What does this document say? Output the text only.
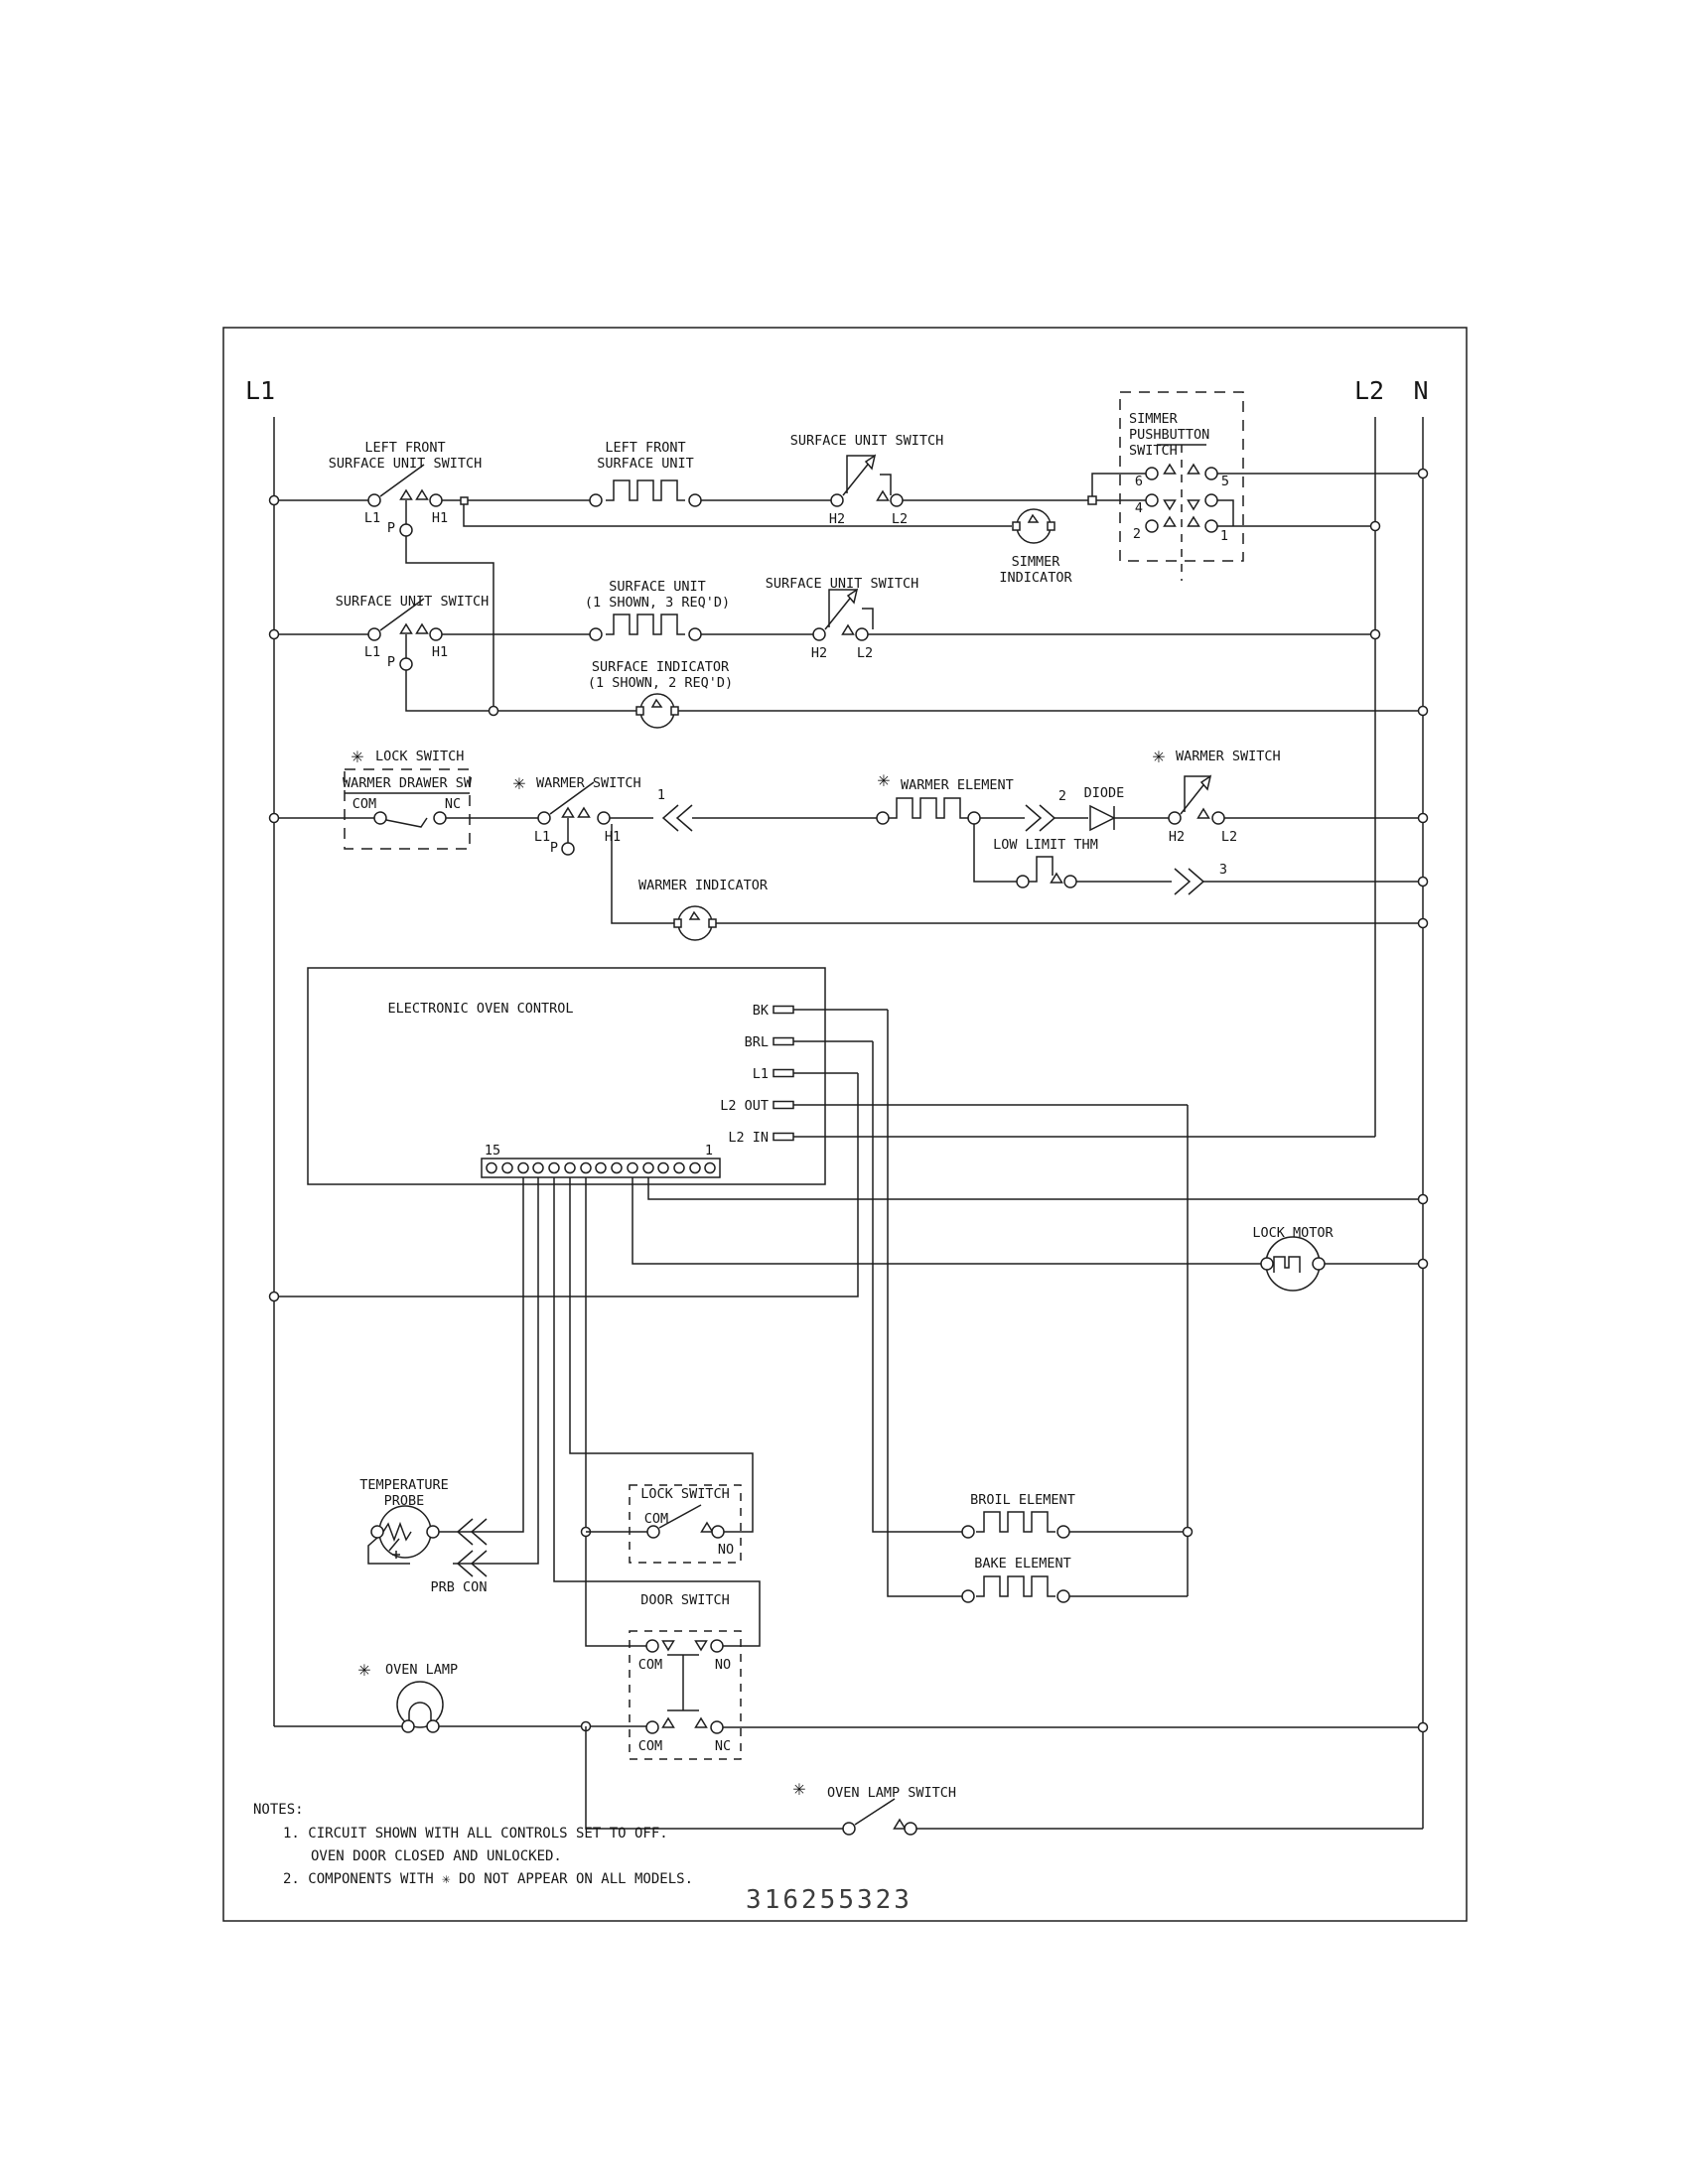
L1	L2 N
LEFT FRONT
SURFACE UNIT SWITCH
LEFT FRONT
SURFACE UNIT
SURFACE UNIT SWITCH
L1
P
H1	H2	L2
SIMMER
PUSHBUTTON
SWITCH
6
4
2
5
1
SIMMER
INDICATOR
SURFACE UNIT SWITCH
SURFACE UNIT
(1 SHOWN, 3 REQ'D)
SURFACE INDICATOR
(1 SHOWN, 2 REQ'D)
SURFACE UNIT SWITCH
L1
P
H1	H2 L2
✳ LOCK SWITCH
WARMER DRAWER SW
COM	NC
✳ WARMER SWITCH
L1
P
H1
1
✳ WARMER ELEMENT
2 DIODE
✳ WARMER SWITCH
H2	L2
LOW LIMIT THM
3
WARMER INDICATOR
ELECTRONIC OVEN CONTROL	BK
BRL
L1
L2 OUT
L2 IN
15	1
LOCK MOTOR
TEMPERATURE
PROBE
PRB CON
LOCK SWITCH
COM
NO
DOOR SWITCH
COM	NO
COM	NC
BROIL ELEMENT
BAKE ELEMENT
✳ OVEN LAMP
✳ OVEN LAMP SWITCH
NOTES:
1. CIRCUIT SHOWN WITH ALL CONTROLS SET TO OFF.
OVEN DOOR CLOSED AND UNLOCKED.
2. COMPONENTS WITH ✳ DO NOT APPEAR ON ALL MODELS.
316255323
